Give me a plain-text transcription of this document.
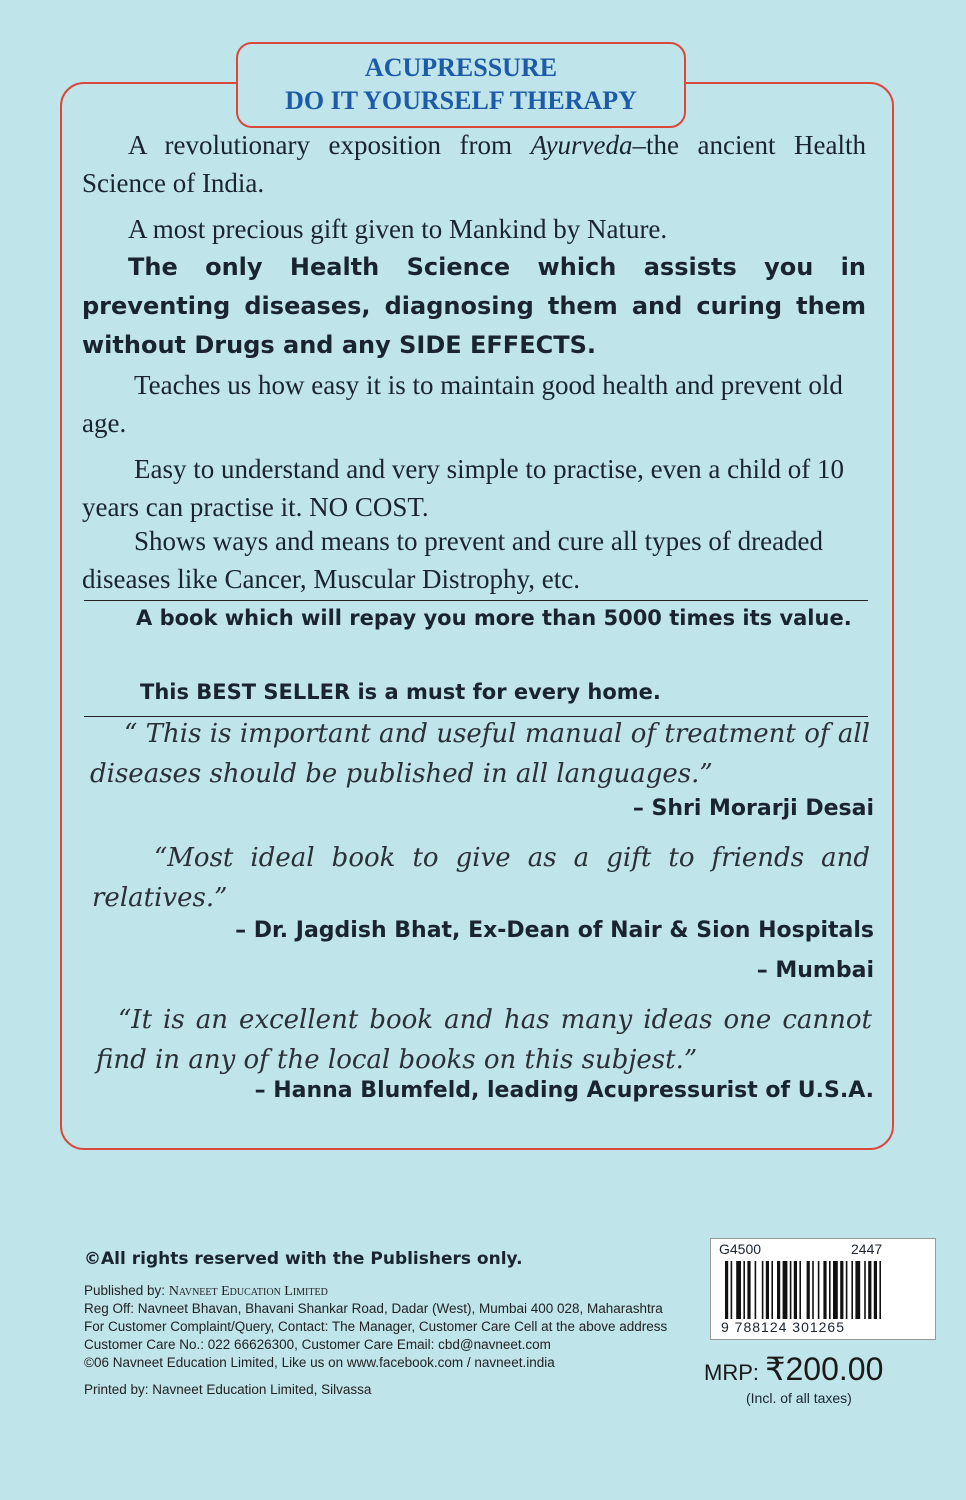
ACUPRESSURE
DO IT YOURSELF THERAPY

A revolutionary exposition from Ayurveda–the ancient Health Science of India.

A most precious gift given to Mankind by Nature.

The only Health Science which assists you in preventing diseases, diagnosing them and curing them without Drugs and any SIDE EFFECTS.

Teaches us how easy it is to maintain good health and prevent old age.

Easy to understand and very simple to practise, even a child of 10 years can practise it. NO COST.

Shows ways and means to prevent and cure all types of dreaded diseases like Cancer, Muscular Distrophy, etc.

A book which will repay you more than 5000 times its value.

This BEST SELLER is a must for every home.

“ This is important and useful manual of treatment of all diseases should be published in all languages.”

– Shri Morarji Desai

“Most ideal book to give as a gift to friends and relatives.”

– Dr. Jagdish Bhat, Ex-Dean of Nair & Sion Hospitals
– Mumbai

“It is an excellent book and has many ideas one cannot find in any of the local books on this subjest.”

– Hanna Blumfeld, leading Acupressurist of U.S.A.
©All rights reserved with the Publishers only.
Published by: Navneet Education Limited
Reg Off: Navneet Bhavan, Bhavani Shankar Road, Dadar (West), Mumbai 400 028, Maharashtra
For Customer Complaint/Query, Contact: The Manager, Customer Care Cell at the above address
Customer Care No.: 022 66626300, Customer Care Email: cbd@navneet.com
©06 Navneet Education Limited, Like us on www.facebook.com / navneet.india
Printed by: Navneet Education Limited, Silvassa
G4500	2447
9 788124 301265
MRP: ₹200.00
(Incl. of all taxes)
